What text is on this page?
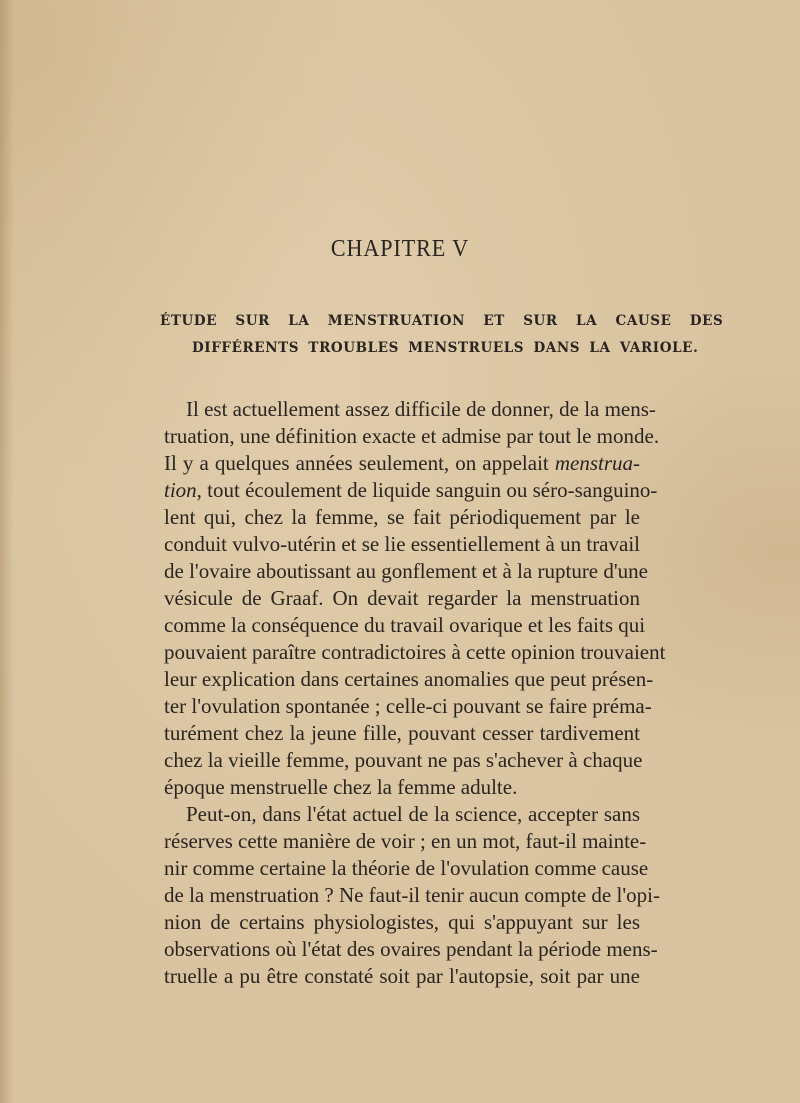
CHAPITRE V

ÉTUDE SUR LA MENSTRUATION ET SUR LA CAUSE DES

DIFFÉRENTS TROUBLES MENSTRUELS DANS LA VARIOLE.

Il est actuellement assez difficile de donner, de la mens-
truation, une définition exacte et admise par tout le monde.
Il y a quelques années seulement, on appelait menstrua-
tion, tout écoulement de liquide sanguin ou séro-sanguino-
lent qui, chez la femme, se fait périodiquement par le
conduit vulvo-utérin et se lie essentiellement à un travail
de l'ovaire aboutissant au gonflement et à la rupture d'une
vésicule de Graaf. On devait regarder la menstruation
comme la conséquence du travail ovarique et les faits qui
pouvaient paraître contradictoires à cette opinion trouvaient
leur explication dans certaines anomalies que peut présen-
ter l'ovulation spontanée ; celle-ci pouvant se faire préma-
turément chez la jeune fille, pouvant cesser tardivement
chez la vieille femme, pouvant ne pas s'achever à chaque
époque menstruelle chez la femme adulte.
Peut-on, dans l'état actuel de la science, accepter sans
réserves cette manière de voir ; en un mot, faut-il mainte-
nir comme certaine la théorie de l'ovulation comme cause
de la menstruation ? Ne faut-il tenir aucun compte de l'opi-
nion de certains physiologistes, qui s'appuyant sur les
observations où l'état des ovaires pendant la période mens-
truelle a pu être constaté soit par l'autopsie, soit par une
